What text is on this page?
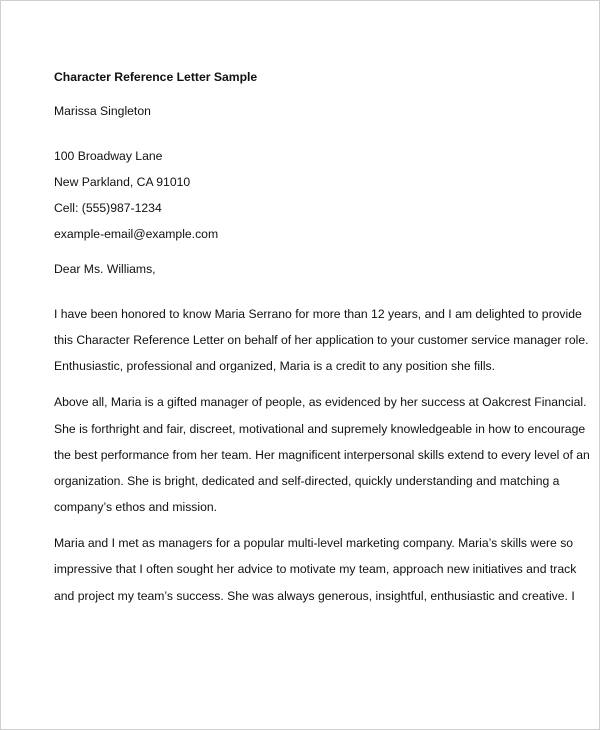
Character Reference Letter Sample

Marissa Singleton

100 Broadway Lane

New Parkland, CA 91010

Cell: (555)987-1234

example-email@example.com

Dear Ms. Williams,

I have been honored to know Maria Serrano for more than 12 years, and I am delighted to provide

this Character Reference Letter on behalf of her application to your customer service manager role.

Enthusiastic, professional and organized, Maria is a credit to any position she fills.

Above all, Maria is a gifted manager of people, as evidenced by her success at Oakcrest Financial.

She is forthright and fair, discreet, motivational and supremely knowledgeable in how to encourage

the best performance from her team. Her magnificent interpersonal skills extend to every level of an

organization. She is bright, dedicated and self-directed, quickly understanding and matching a

company’s ethos and mission.

Maria and I met as managers for a popular multi-level marketing company. Maria’s skills were so

impressive that I often sought her advice to motivate my team, approach new initiatives and track

and project my team’s success. She was always generous, insightful, enthusiastic and creative. I
